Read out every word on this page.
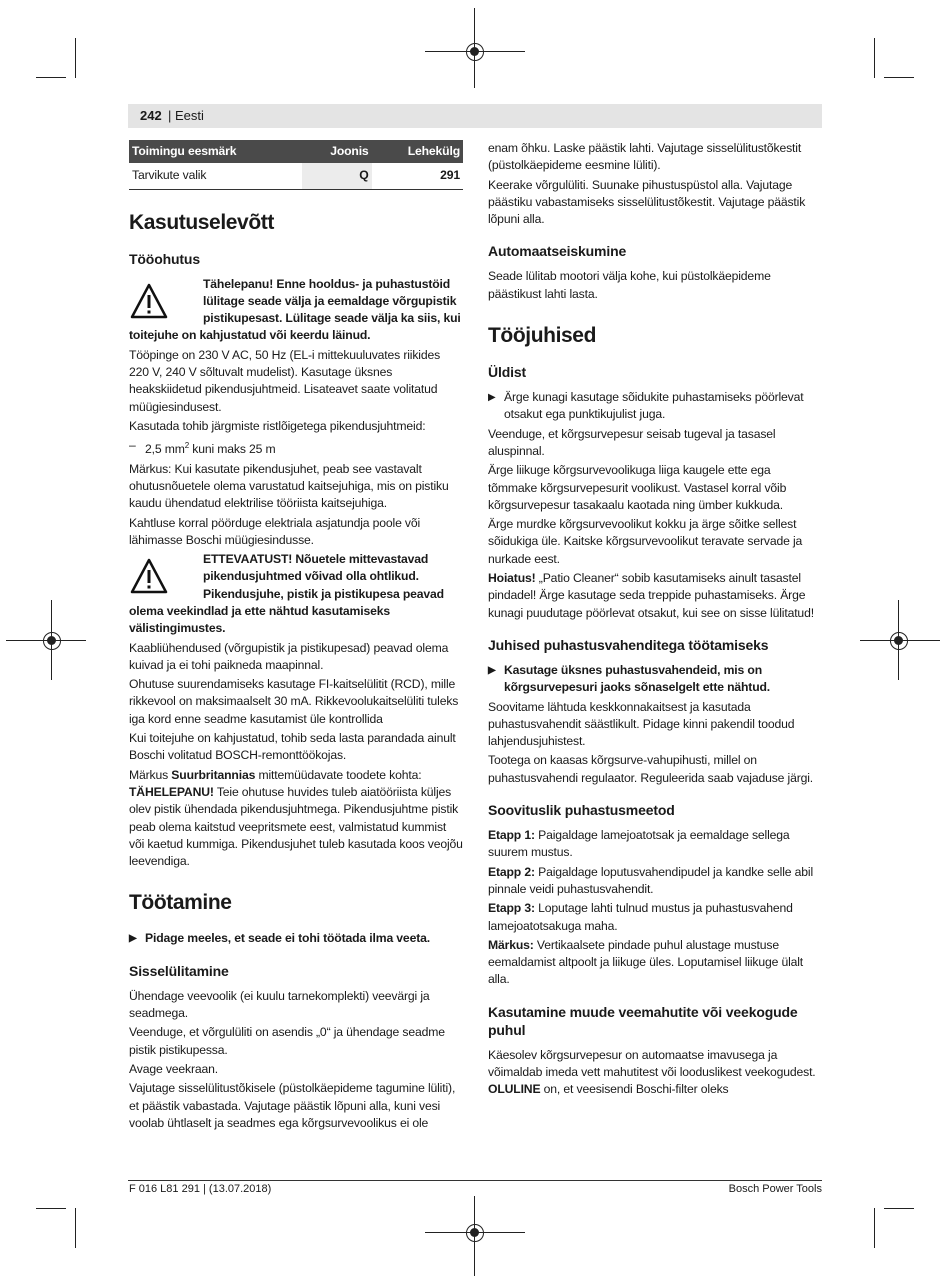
242 | Eesti
Toimingu eesmärk	Joonis	Lehekülg
Tarvikute valik	Q	291
Kasutuselevõtt
Tööohutus

Tähelepanu! Enne hooldus- ja puhastustöid lülitage seade välja ja eemaldage võrgupistik pistikupesast. Lülitage seade välja ka siis, kui toitejuhe on kahjustatud või keerdu läinud.

Tööpinge on 230 V AC, 50 Hz (EL-i mittekuuluvates riikides 220 V, 240 V sõltuvalt mudelist). Kasutage üksnes heakskiidetud pikendusjuhtmeid. Lisateavet saate volitatud müügiesindusest.

Kasutada tohib järgmiste ristlõigetega pikendusjuhtmeid:

– 2,5 $mm^2$ kuni maks 25 m

Märkus: Kui kasutate pikendusjuhet, peab see vastavalt ohutusnõuetele olema varustatud kaitsejuhiga, mis on pistiku kaudu ühendatud elektrilise tööriista kaitsejuhiga.

Kahtluse korral pöörduge elektriala asjatundja poole või lähimasse Boschi müügiesindusse.

ETTEVAATUST! Nõuetele mittevastavad pikendusjuhtmed võivad olla ohtlikud. Pikendusjuhe, pistik ja pistikupesa peavad olema veekindlad ja ette nähtud kasutamiseks välistingimustes.

Kaabliühendused (võrgupistik ja pistikupesad) peavad olema kuivad ja ei tohi paikneda maapinnal.

Ohutuse suurendamiseks kasutage FI-kaitselülitit (RCD), mille rikkevool on maksimaalselt 30 mA. Rikkevoolukaitselüliti tuleks iga kord enne seadme kasutamist üle kontrollida

Kui toitejuhe on kahjustatud, tohib seda lasta parandada ainult Boschi volitatud BOSCH-remonttöökojas.

Märkus Suurbritannias mittemüüdavate toodete kohta: TÄHELEPANU! Teie ohutuse huvides tuleb aiatööriista küljes olev pistik ühendada pikendusjuhtmega. Pikendusjuhtme pistik peab olema kaitstud veepritsmete eest, valmistatud kummist või kaetud kummiga. Pikendusjuhet tuleb kasutada koos veojõu leevendiga.

Töötamine

▶ Pidage meeles, et seade ei tohi töötada ilma veeta.

Sisselülitamine

Ühendage veevoolik (ei kuulu tarnekomplekti) veevärgi ja seadmega.

Veenduge, et võrgulüliti on asendis „0“ ja ühendage seadme pistik pistikupessa.

Avage veekraan.

Vajutage sisselülitustõkisele (püstolkäepideme tagumine lüliti), et päästik vabastada. Vajutage päästik lõpuni alla, kuni vesi voolab ühtlaselt ja seadmes ega kõrgsurvevoolikus ei ole

enam õhku. Laske päästik lahti. Vajutage sisselülitustõkestit (püstolkäepideme eesmine lüliti).

Keerake võrgulüliti. Suunake pihustuspüstol alla. Vajutage päästiku vabastamiseks sisselülitustõkestit. Vajutage päästik lõpuni alla.

Automaatseiskumine

Seade lülitab mootori välja kohe, kui püstolkäepideme päästikust lahti lasta.

Tööjuhised
Üldist

▶ Ärge kunagi kasutage sõidukite puhastamiseks pöörlevat otsakut ega punktikujulist juga.

Veenduge, et kõrgsurvepesur seisab tugeval ja tasasel aluspinnal.

Ärge liikuge kõrgsurvevoolikuga liiga kaugele ette ega tõmmake kõrgsurvepesurit voolikust. Vastasel korral võib kõrgsurvepesur tasakaalu kaotada ning ümber kukkuda.

Ärge murdke kõrgsurvevoolikut kokku ja ärge sõitke sellest sõidukiga üle. Kaitske kõrgsurvevoolikut teravate servade ja nurkade eest.

Hoiatus! „Patio Cleaner“ sobib kasutamiseks ainult tasastel pindadel! Ärge kasutage seda treppide puhastamiseks. Ärge kunagi puudutage pöörlevat otsakut, kui see on sisse lülitatud!

Juhised puhastusvahenditega töötamiseks

▶ Kasutage üksnes puhastusvahendeid, mis on kõrgsurvepesuri jaoks sõnaselgelt ette nähtud.

Soovitame lähtuda keskkonnakaitsest ja kasutada puhastusvahendit säästlikult. Pidage kinni pakendil toodud lahjendusjuhistest.

Tootega on kaasas kõrgsurve-vahupihusti, millel on puhastusvahendi regulaator. Reguleerida saab vajaduse järgi.

Soovituslik puhastusmeetod

Etapp 1: Paigaldage lamejoatotsak ja eemaldage sellega suurem mustus.

Etapp 2: Paigaldage loputusvahendipudel ja kandke selle abil pinnale veidi puhastusvahendit.

Etapp 3: Loputage lahti tulnud mustus ja puhastusvahend lamejoatotsakuga maha.

Märkus: Vertikaalsete pindade puhul alustage mustuse eemaldamist altpoolt ja liikuge üles. Loputamisel liikuge ülalt alla.

Kasutamine muude veemahutite või veekogude puhul

Käesolev kõrgsurvepesur on automaatse imavusega ja võimaldab imeda vett mahutitest või looduslikest veekogudest. OLULINE on, et veesisendi Boschi-filter oleks

F 016 L81 291 | (13.07.2018)	Bosch Power Tools
